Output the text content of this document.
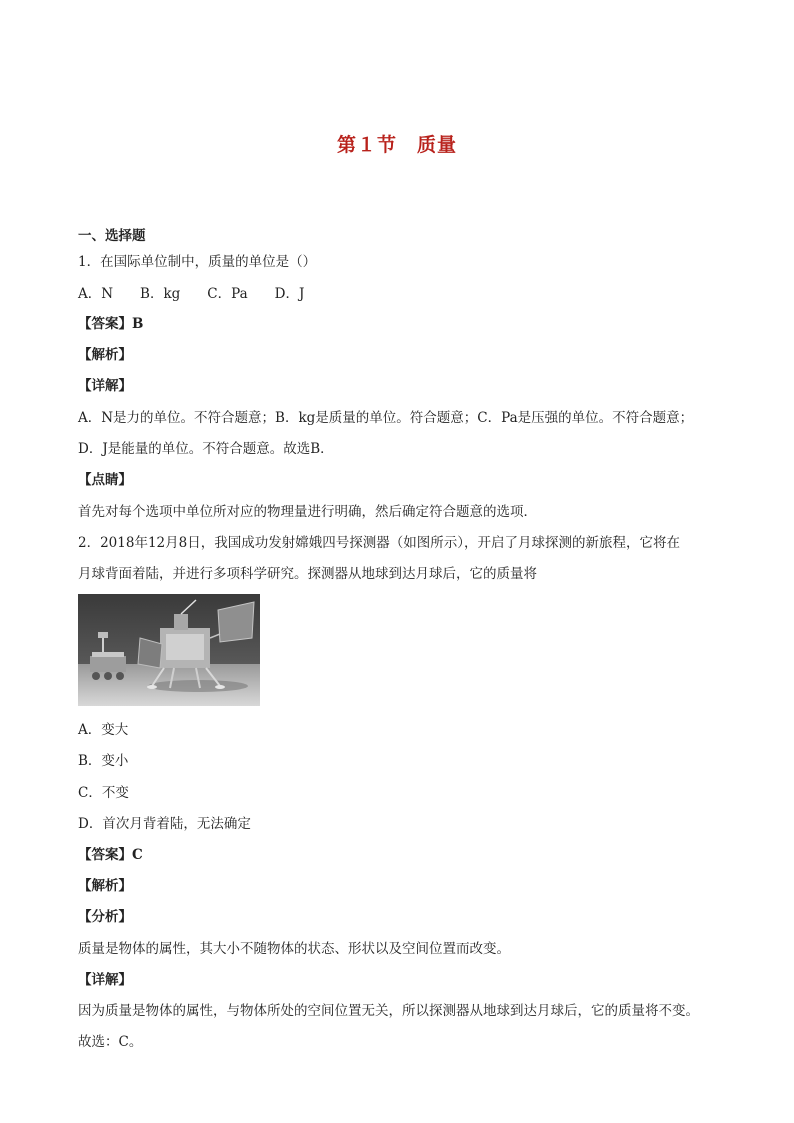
第１节　质量
一、选择题
1．在国际单位制中，质量的单位是（）
A．N　　B．kg　　C．Pa　　D．J
【答案】B
【解析】
【详解】
A．N是力的单位。不符合题意；B．kg是质量的单位。符合题意；C．Pa是压强的单位。不符合题意；
D．J是能量的单位。不符合题意。故选B．
【点睛】
首先对每个选项中单位所对应的物理量进行明确，然后确定符合题意的选项．
2．2018年12月8日，我国成功发射嫦娥四号探测器（如图所示），开启了月球探测的新旅程，它将在
月球背面着陆，并进行多项科学研究。探测器从地球到达月球后，它的质量将
A．变大
B．变小
C．不变
D．首次月背着陆，无法确定
【答案】C
【解析】
【分析】
质量是物体的属性，其大小不随物体的状态、形状以及空间位置而改变。
【详解】
因为质量是物体的属性，与物体所处的空间位置无关，所以探测器从地球到达月球后，它的质量将不变。
故选：C。
